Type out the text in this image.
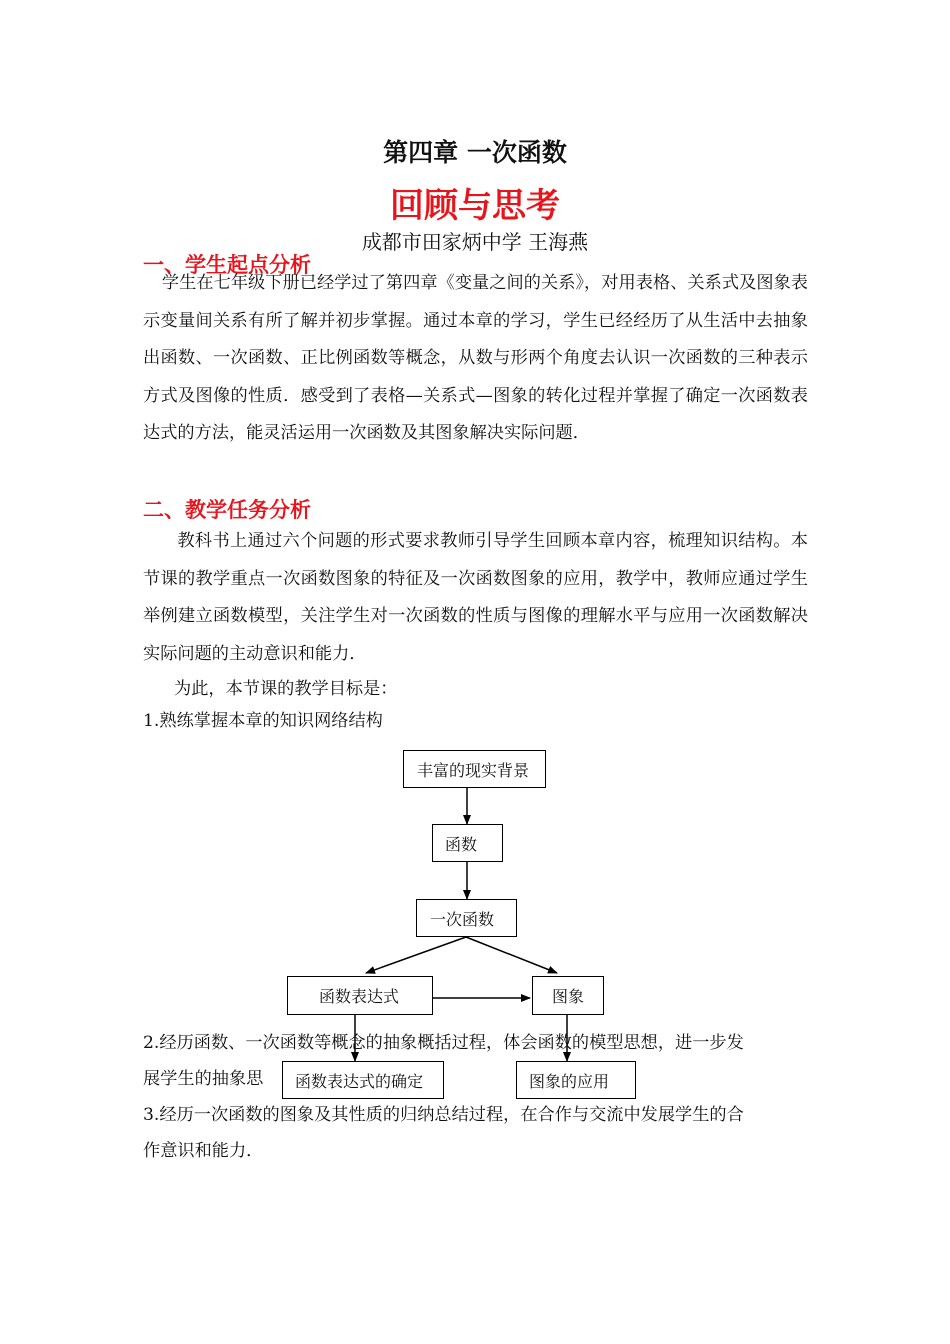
第四章 一次函数
回顾与思考
成都市田家炳中学 王海燕
一、学生起点分析
学生在七年级下册已经学过了第四章《变量之间的关系》，对用表格、关系式及图象表示变量间关系有所了解并初步掌握。通过本章的学习，学生已经经历了从生活中去抽象出函数、一次函数、正比例函数等概念，从数与形两个角度去认识一次函数的三种表示方式及图像的性质．感受到了表格—关系式—图象的转化过程并掌握了确定一次函数表达式的方法，能灵活运用一次函数及其图象解决实际问题．
二、教学任务分析
教科书上通过六个问题的形式要求教师引导学生回顾本章内容，梳理知识结构。本节课的教学重点一次函数图象的特征及一次函数图象的应用，教学中，教师应通过学生举例建立函数模型，关注学生对一次函数的性质与图像的理解水平与应用一次函数解决实际问题的主动意识和能力．
为此，本节课的教学目标是：
1.熟练掌握本章的知识网络结构
丰富的现实背景
函数
一次函数
函数表达式	图象
2.经历函数、一次函数等概念的抽象概括过程，体会函数的模型思想，进一步发
展学生的抽象思	函数表达式的确定	图象的应用
3.经历一次函数的图象及其性质的归纳总结过程，在合作与交流中发展学生的合
作意识和能力．
